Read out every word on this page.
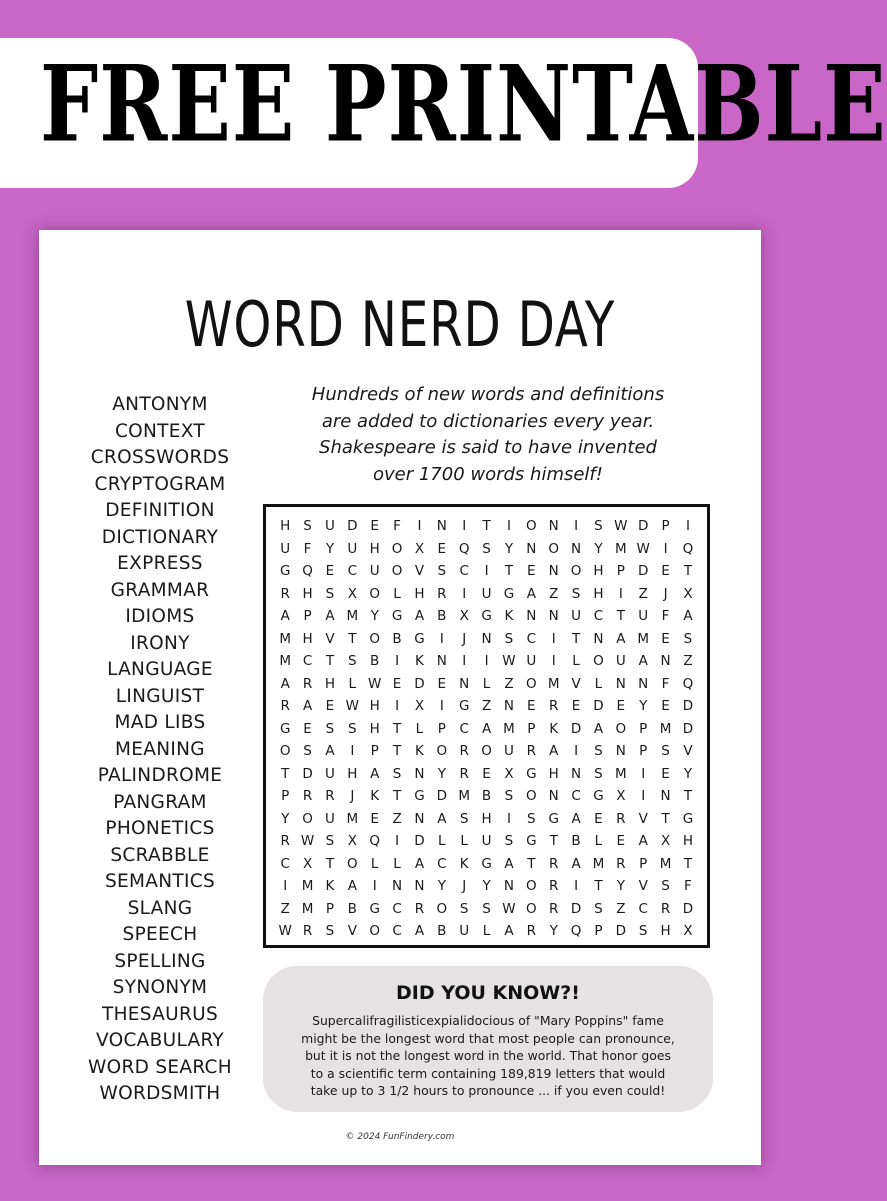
FREE PRINTABLE
WORD NERD DAY
ANTONYM
CONTEXT
CROSSWORDS
CRYPTOGRAM
DEFINITION
DICTIONARY
EXPRESS
GRAMMAR
IDIOMS
IRONY
LANGUAGE
LINGUIST
MAD LIBS
MEANING
PALINDROME
PANGRAM
PHONETICS
SCRABBLE
SEMANTICS
SLANG
SPEECH
SPELLING
SYNONYM
THESAURUS
VOCABULARY
WORD SEARCH
WORDSMITH
Hundreds of new words and definitions
are added to dictionaries every year.
Shakespeare is said to have invented
over 1700 words himself!
H S U D E	F	I	N	I	T	I	O N	I	S W D P	I
U	F	Y U H O X E Q S	Y N O N Y M W	I	Q
G Q E C U O V S C	I	T	E N O H P D E	T
R H S X O L	H R	I	U G A Z S H	I	Z	J	X
A	P	A M Y G A B X G K N N U C	T U	F	A
M H V	T O B G	I	J	N S C	I	T N A M E	S
M C	T	S B	I	K N	I	I	W U	I	L O U A N Z
A R H	L W E D E N	L	Z O M V	L	N N F Q
R A E W H	I	X	I	G Z N E R E D E	Y	E D
G E	S	S H T	L	P	C A M P	K D A O P M D
O S A	I	P	T	K O R O U R A	I	S N P	S V
T D U H A S N Y	R E X G H N S M	I	E	Y
P	R R	J	K	T G D M B S O N C G X	I	N T
Y O U M E Z N A S H	I	S G A E R V	T G
R W S X Q	I	D L	L	U S G T	B	L	E A X H
C X	T O L	L	A C K G A	T	R A M R	P M T
I	M K A	I	N N Y	J	Y N O R	I	T	Y	V S	F
Z M P	B G C R O S	S W O R D S Z C R D
W R S V O C A B U	L	A R	Y Q P D S H X
DID YOU KNOW?!
Supercalifragilisticexpialidocious of "Mary Poppins" fame
might be the longest word that most people can pronounce,
but it is not the longest word in the world. That honor goes
to a scientific term containing 189,819 letters that would
take up to 3 1/2 hours to pronounce ... if you even could!
© 2024 FunFindery.com
